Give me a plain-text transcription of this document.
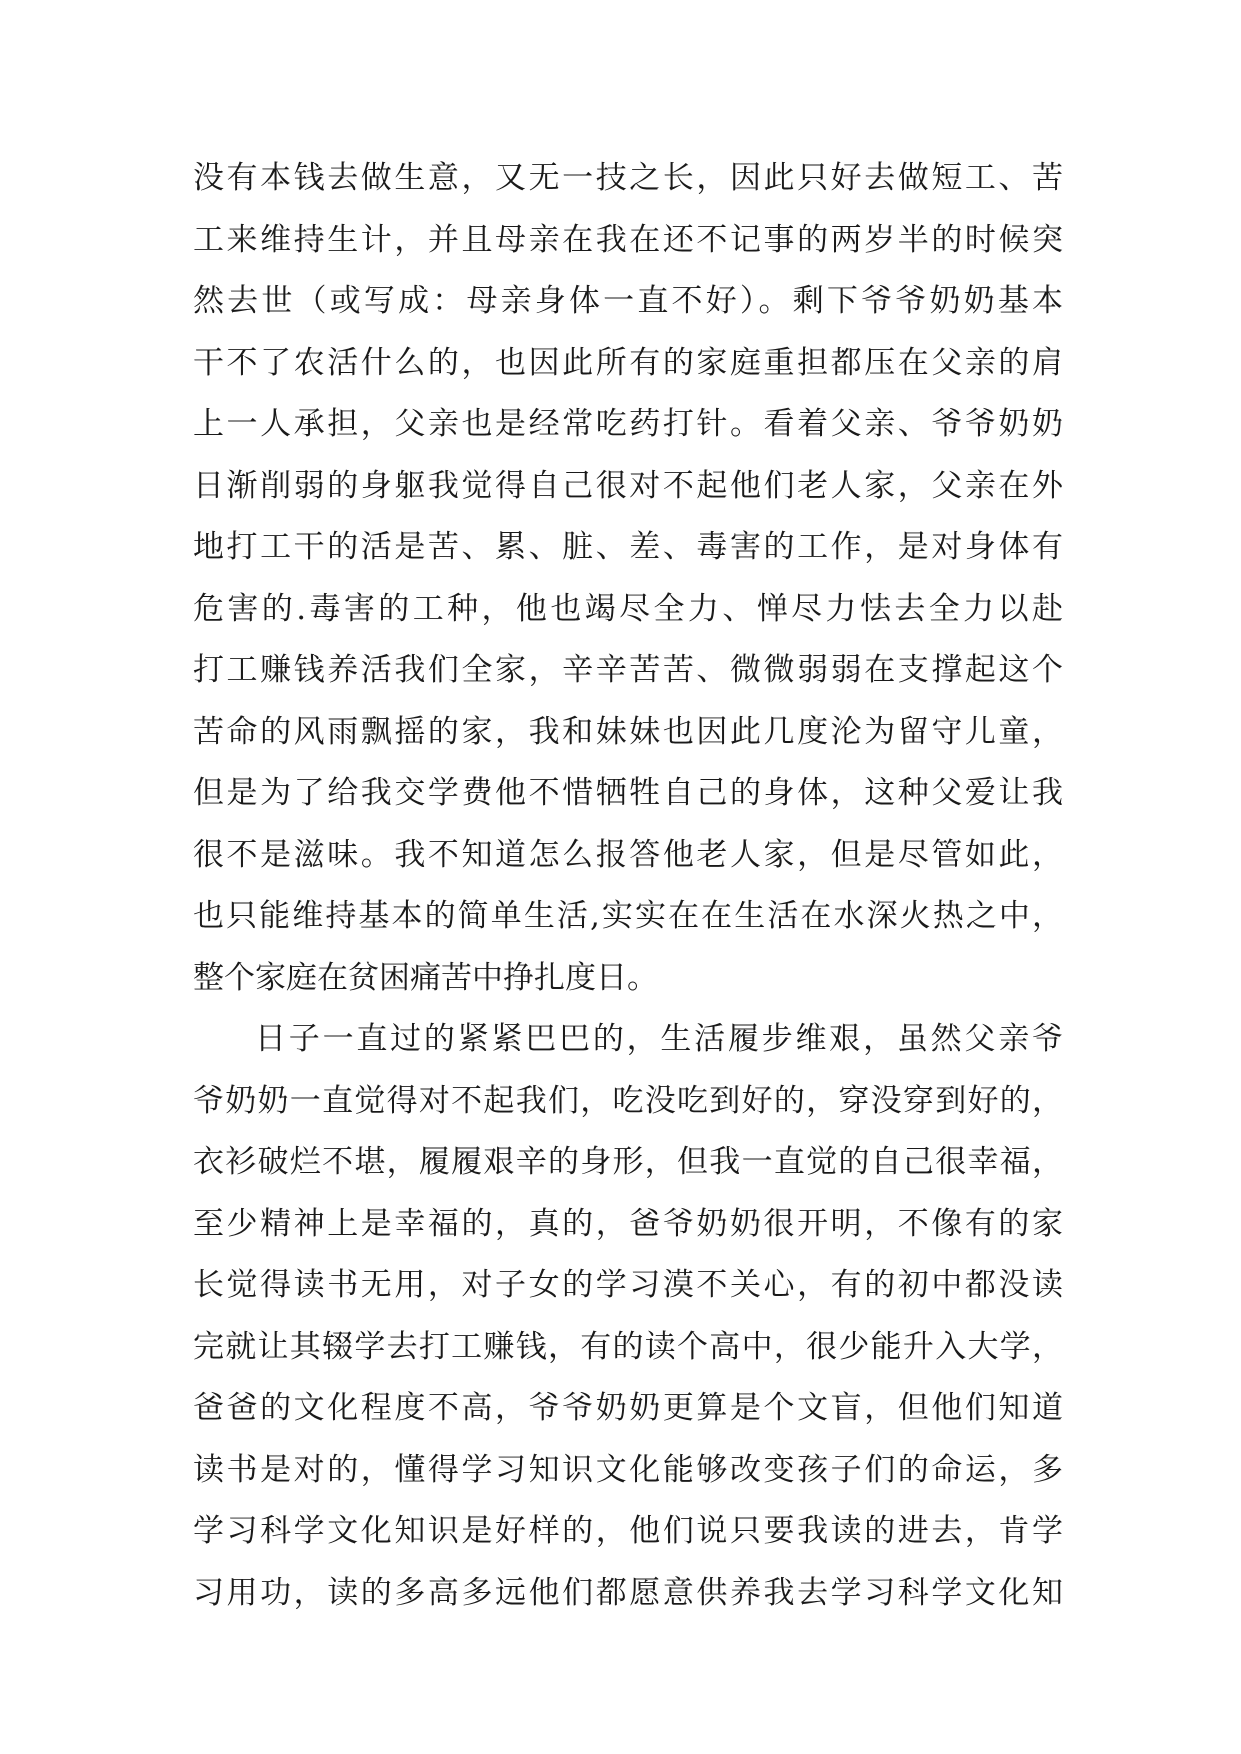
没有本钱去做生意，又无一技之长，因此只好去做短工、苦
工来维持生计，并且母亲在我在还不记事的两岁半的时候突
然去世（或写成：母亲身体一直不好）。剩下爷爷奶奶基本
干不了农活什么的，也因此所有的家庭重担都压在父亲的肩
上一人承担，父亲也是经常吃药打针。看着父亲、爷爷奶奶
日渐削弱的身躯我觉得自己很对不起他们老人家，父亲在外
地打工干的活是苦、累、脏、差、毒害的工作，是对身体有
危害的.毒害的工种，他也竭尽全力、惮尽力怯去全力以赴
打工赚钱养活我们全家，辛辛苦苦、微微弱弱在支撑起这个
苦命的风雨飘摇的家，我和妹妹也因此几度沦为留守儿童，
但是为了给我交学费他不惜牺牲自己的身体，这种父爱让我
很不是滋味。我不知道怎么报答他老人家，但是尽管如此，
也只能维持基本的简单生活,实实在在生活在水深火热之中，
整个家庭在贫困痛苦中挣扎度日。
日子一直过的紧紧巴巴的，生活履步维艰，虽然父亲爷
爷奶奶一直觉得对不起我们，吃没吃到好的，穿没穿到好的，
衣衫破烂不堪，履履艰辛的身形，但我一直觉的自己很幸福，
至少精神上是幸福的，真的，爸爷奶奶很开明，不像有的家
长觉得读书无用，对子女的学习漠不关心，有的初中都没读
完就让其辍学去打工赚钱，有的读个高中，很少能升入大学，
爸爸的文化程度不高，爷爷奶奶更算是个文盲，但他们知道
读书是对的，懂得学习知识文化能够改变孩子们的命运，多
学习科学文化知识是好样的，他们说只要我读的进去，肯学
习用功，读的多高多远他们都愿意供养我去学习科学文化知
